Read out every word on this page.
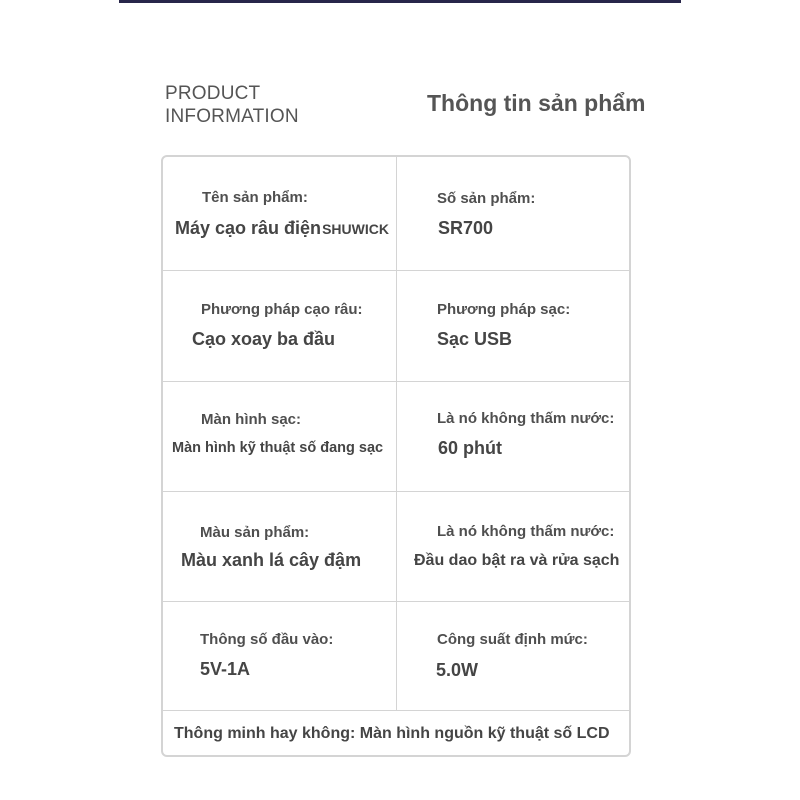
PRODUCT
INFORMATION
Thông tin sản phẩm
Tên sản phẩm:
Máy cạo râu điệnSHUWICK
Số sản phẩm:
SR700
Phương pháp cạo râu:
Cạo xoay ba đầu
Phương pháp sạc:
Sạc USB
Màn hình sạc:
Màn hình kỹ thuật số đang sạc
Là nó không thấm nước:
60 phút
Màu sản phẩm:
Màu xanh lá cây đậm
Là nó không thấm nước:
Đầu dao bật ra và rửa sạch
Thông số đầu vào:
5V-1A
Công suất định mức:
5.0W
Thông minh hay không: Màn hình nguồn kỹ thuật số LCD
